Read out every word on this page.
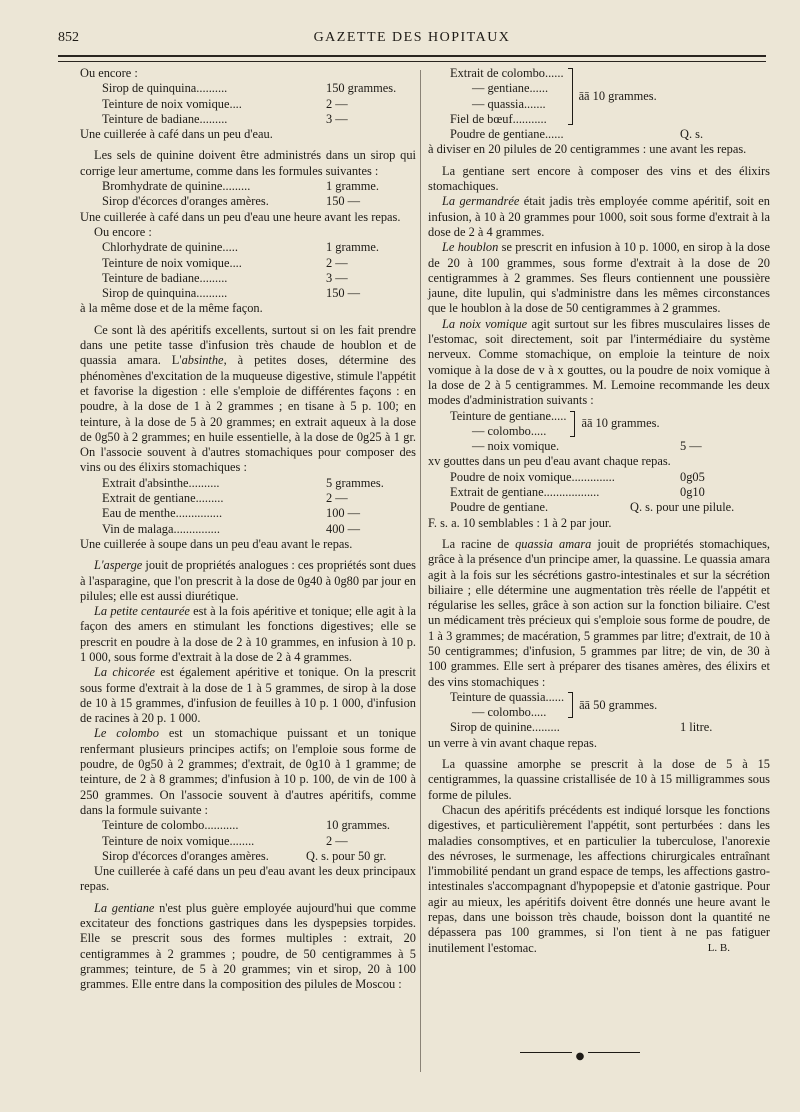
852	GAZETTE DES HOPITAUX

Ou encore :

Sirop de quinquina..........	150 grammes.
Teinture de noix vomique....	2 —
Teinture de badiane.........	3 —

Une cuillerée à café dans un peu d'eau.

Les sels de quinine doivent être administrés dans un sirop qui corrige leur amertume, comme dans les formules suivantes :

Bromhydrate de quinine.........	1 gramme.
Sirop d'écorces d'oranges amères.	150 —

Une cuillerée à café dans un peu d'eau une heure avant les repas.

Ou encore :

Chlorhydrate de quinine.....	1 gramme.
Teinture de noix vomique....	2 —
Teinture de badiane.........	3 —
Sirop de quinquina..........	150 —

à la même dose et de la même façon.

Ce sont là des apéritifs excellents, surtout si on les fait prendre dans une petite tasse d'infusion très chaude de houblon et de quassia amara. L'absinthe, à petites doses, détermine des phénomènes d'excitation de la muqueuse digestive, stimule l'appétit et favorise la digestion : elle s'emploie de différentes façons : en poudre, à la dose de 1 à 2 grammes ; en tisane à 5 p. 100; en teinture, à la dose de 5 à 20 grammes; en extrait aqueux à la dose de 0g50 à 2 grammes; en huile essentielle, à la dose de 0g25 à 1 gr. On l'associe souvent à d'autres stomachiques pour composer des vins ou des élixirs stomachiques :

Extrait d'absinthe..........	5 grammes.
Extrait de gentiane.........	2 —
Eau de menthe...............	100 —
Vin de malaga...............	400 —

Une cuillerée à soupe dans un peu d'eau avant le repas.

L'asperge jouit de propriétés analogues : ces propriétés sont dues à l'asparagine, que l'on prescrit à la dose de 0g40 à 0g80 par jour en pilules; elle est aussi diurétique.

La petite centaurée est à la fois apéritive et tonique; elle agit à la façon des amers en stimulant les fonctions digestives; elle se prescrit en poudre à la dose de 2 à 10 grammes, en infusion à 10 p. 1 000, sous forme d'extrait à la dose de 2 à 4 grammes.

La chicorée est également apéritive et tonique. On la prescrit sous forme d'extrait à la dose de 1 à 5 grammes, de sirop à la dose de 10 à 15 grammes, d'infusion de feuilles à 10 p. 1 000, d'infusion de racines à 20 p. 1 000.

Le colombo est un stomachique puissant et un tonique renfermant plusieurs principes actifs; on l'emploie sous forme de poudre, de 0g50 à 2 grammes; d'extrait, de 0g10 à 1 gramme; de teinture, de 2 à 8 grammes; d'infusion à 10 p. 100, de vin de 100 à 250 grammes. On l'associe souvent à d'autres apéritifs, comme dans la formule suivante :

Teinture de colombo...........	10 grammes.
Teinture de noix vomique........	2 —
Sirop d'écorces d'oranges amères.	Q. s. pour 50 gr.

Une cuillerée à café dans un peu d'eau avant les deux principaux repas.

La gentiane n'est plus guère employée aujourd'hui que comme excitateur des fonctions gastriques dans les dyspepsies torpides. Elle se prescrit sous des formes multiples : extrait, 20 centigrammes à 2 grammes ; poudre, de 50 centigrammes à 5 grammes; teinture, de 5 à 20 grammes; vin et sirop, 20 à 100 grammes. Elle entre dans la composition des pilules de Moscou :

Extrait de colombo......
— gentiane......
— quassia.......
Fiel de bœuf...........
āā 10 grammes.
Poudre de gentiane......	Q. s.

à diviser en 20 pilules de 20 centigrammes : une avant les repas.

La gentiane sert encore à composer des vins et des élixirs stomachiques.

La germandrée était jadis très employée comme apéritif, soit en infusion, à 10 à 20 grammes pour 1000, soit sous forme d'extrait à la dose de 2 à 4 grammes.

Le houblon se prescrit en infusion à 10 p. 1000, en sirop à la dose de 20 à 100 grammes, sous forme d'extrait à la dose de 20 centigrammes à 2 grammes. Ses fleurs contiennent une poussière jaune, dite lupulin, qui s'administre dans les mêmes circonstances que le houblon à la dose de 50 centigrammes à 2 grammes.

La noix vomique agit surtout sur les fibres musculaires lisses de l'estomac, soit directement, soit par l'intermédiaire du système nerveux. Comme stomachique, on emploie la teinture de noix vomique à la dose de v à x gouttes, ou la poudre de noix vomique à la dose de 2 à 5 centigrammes. M. Lemoine recommande les deux modes d'administration suivants :

Teinture de gentiane.....
— colombo.....
āā 10 grammes.
— noix vomique.	5 —

xv gouttes dans un peu d'eau avant chaque repas.

Poudre de noix vomique..............	0g05
Extrait de gentiane..................	0g10
Poudre de gentiane.	Q. s. pour une pilule.

F. s. a. 10 semblables : 1 à 2 par jour.

La racine de quassia amara jouit de propriétés stomachiques, grâce à la présence d'un principe amer, la quassine. Le quassia amara agit à la fois sur les sécrétions gastro-intestinales et sur la sécrétion biliaire ; elle détermine une augmentation très réelle de l'appétit et régularise les selles, grâce à son action sur la fonction biliaire. C'est un médicament très précieux qui s'emploie sous forme de poudre, de 1 à 3 grammes; de macération, 5 grammes par litre; d'extrait, de 10 à 50 centigrammes; d'infusion, 5 grammes par litre; de vin, de 30 à 100 grammes. Elle sert à préparer des tisanes amères, des élixirs et des vins stomachiques :

Teinture de quassia......
— colombo.....
āā 50 grammes.
Sirop de quinine.........	1 litre.

un verre à vin avant chaque repas.

La quassine amorphe se prescrit à la dose de 5 à 15 centigrammes, la quassine cristallisée de 10 à 15 milligrammes sous forme de pilules.

Chacun des apéritifs précédents est indiqué lorsque les fonctions digestives, et particulièrement l'appétit, sont perturbées : dans les maladies consomptives, et en particulier la tuberculose, l'anorexie des névroses, le surmenage, les affections chirurgicales entraînant l'immobilité pendant un grand espace de temps, les affections gastro-intestinales s'accompagnant d'hypopepsie et d'atonie gastrique. Pour agir au mieux, les apéritifs doivent être donnés une heure avant le repas, dans une boisson très chaude, boisson dont la quantité ne dépassera pas 100 grammes, si l'on tient à ne pas fatiguer inutilement l'estomac.	L. B.

●
